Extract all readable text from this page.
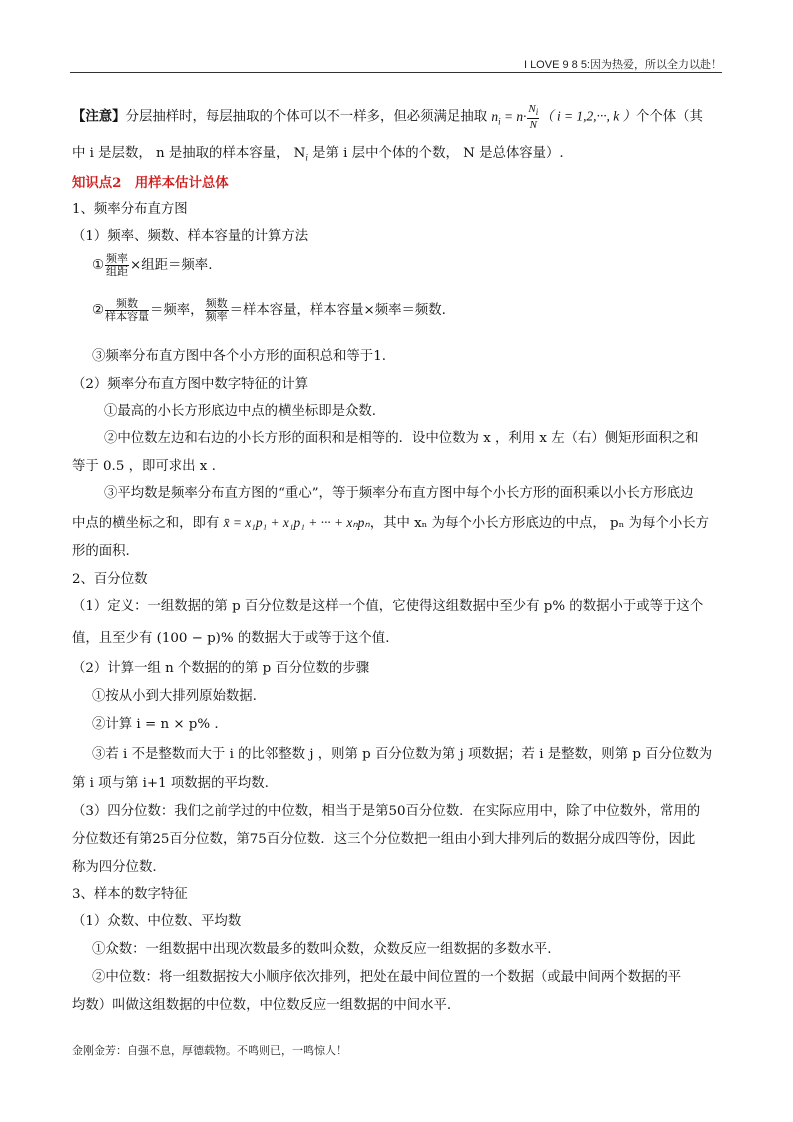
I LOVE 9 8 5:因为热爱，所以全力以赴！
【注意】分层抽样时，每层抽取的个体可以不一样多，但必须满足抽取 $n_i = n\cdot \frac{N_i}{N}$ （ i = 1,2,···, k ）个个体（其
中 i 是层数， n 是抽取的样本容量， $N_i$ 是第 i 层中个体的个数， N 是总体容量）.
知识点2　用样本估计总体
1、频率分布直方图
（1）频率、频数、样本容量的计算方法
① $\frac{\text{频率}}{\text{组距}}$ ×组距＝频率.
② $\frac{\text{频数}}{\text{样本容量}}$ ＝频率， $\frac{\text{频数}}{\text{频率}}$ ＝样本容量，样本容量×频率＝频数.
③频率分布直方图中各个小方形的面积总和等于1.
（2）频率分布直方图中数字特征的计算
①最高的小长方形底边中点的横坐标即是众数.
②中位数左边和右边的小长方形的面积和是相等的．设中位数为 x ，利用 x 左（右）侧矩形面积之和
等于 0.5 ，即可求出 x .
③平均数是频率分布直方图的“重心”，等于频率分布直方图中每个小长方形的面积乘以小长方形底边
中点的横坐标之和，即有 x̄ = x₁p₁ + x₁p₁ + ··· + xₙpₙ，其中 xₙ 为每个小长方形底边的中点， pₙ 为每个小长方
形的面积.
2、百分位数
（1）定义：一组数据的第 p 百分位数是这样一个值，它使得这组数据中至少有 p% 的数据小于或等于这个
值，且至少有 (100 − p)% 的数据大于或等于这个值.
（2）计算一组 n 个数据的的第 p 百分位数的步骤
①按从小到大排列原始数据.
②计算 i = n × p% .
③若 i 不是整数而大于 i 的比邻整数 j ，则第 p 百分位数为第 j 项数据；若 i 是整数，则第 p 百分位数为
第 i 项与第 i+1 项数据的平均数.
（3）四分位数：我们之前学过的中位数，相当于是第50百分位数．在实际应用中，除了中位数外，常用的
分位数还有第25百分位数，第75百分位数．这三个分位数把一组由小到大排列后的数据分成四等份，因此
称为四分位数.
3、样本的数字特征
（1）众数、中位数、平均数
①众数：一组数据中出现次数最多的数叫众数，众数反应一组数据的多数水平.
②中位数：将一组数据按大小顺序依次排列，把处在最中间位置的一个数据（或最中间两个数据的平
均数）叫做这组数据的中位数，中位数反应一组数据的中间水平.
金刚金芳：自强不息，厚德载物。不鸣则已，一鸣惊人！
